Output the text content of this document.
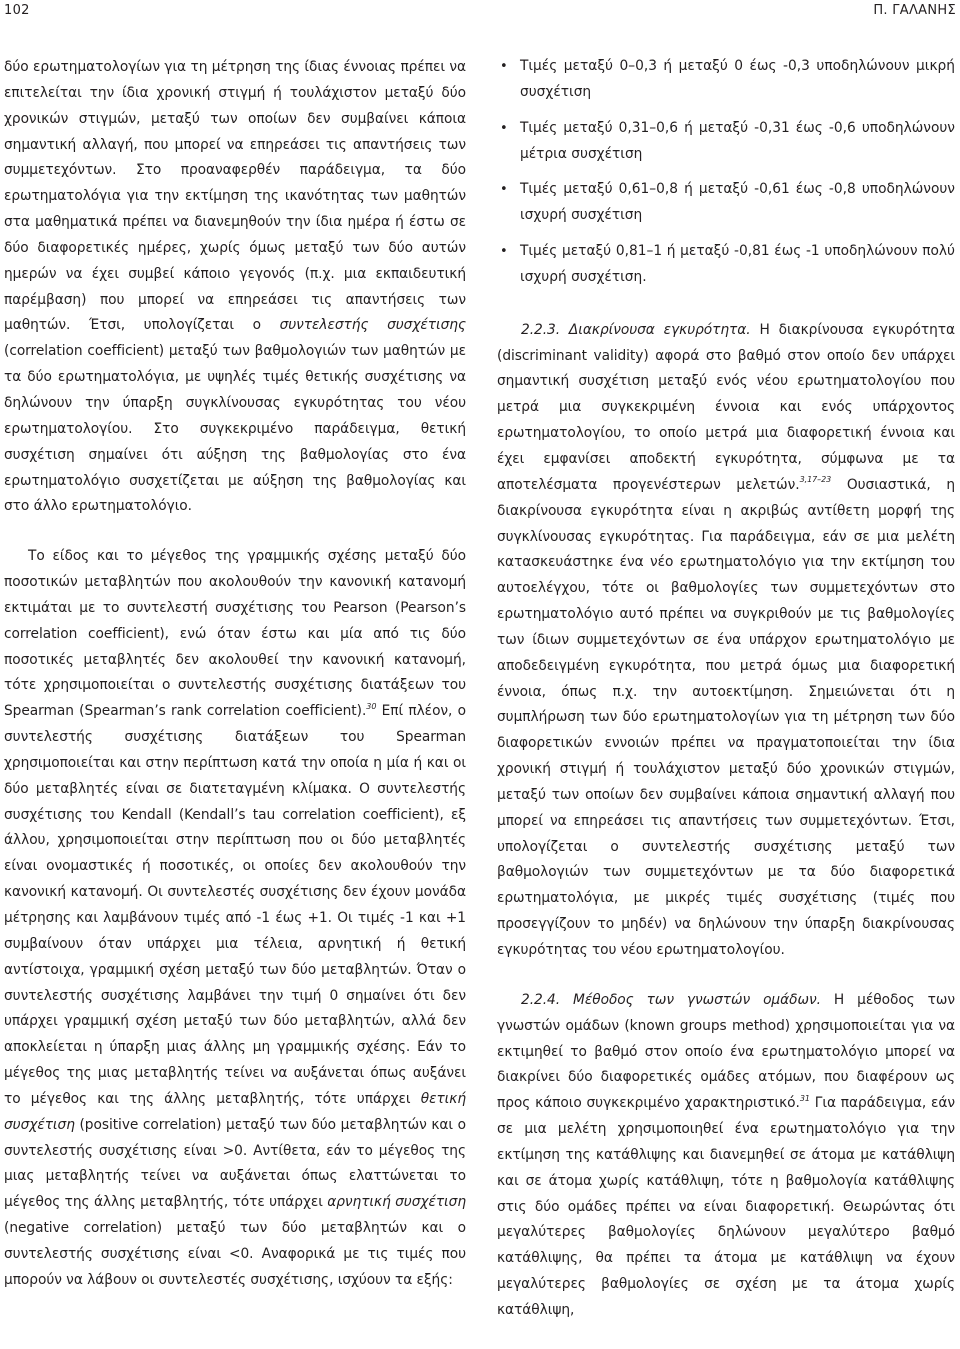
102	Π. ΓΑΛΑΝΗΣ

δύο ερωτηματολογίων για τη μέτρηση της ίδιας έννοιας πρέπει να επιτελείται την ίδια χρονική στιγμή ή τουλάχιστον μεταξύ δύο χρονικών στιγμών, μεταξύ των οποίων δεν συμβαίνει κάποια σημαντική αλλαγή, που μπορεί να επηρεάσει τις απαντήσεις των συμμετεχόντων. Στο προαναφερθέν παράδειγμα, τα δύο ερωτηματολόγια για την εκτίμηση της ικανότητας των μαθητών στα μαθηματικά πρέπει να διανεμηθούν την ίδια ημέρα ή έστω σε δύο διαφορετικές ημέρες, χωρίς όμως μεταξύ των δύο αυτών ημερών να έχει συμβεί κάποιο γεγονός (π.χ. μια εκπαιδευτική παρέμβαση) που μπορεί να επηρεάσει τις απαντήσεις των μαθητών. Έτσι, υπολογίζεται ο συντελεστής συσχέτισης (correlation coefficient) μεταξύ των βαθμολογιών των μαθητών με τα δύο ερωτηματολόγια, με υψηλές τιμές θετικής συσχέτισης να δηλώνουν την ύπαρξη συγκλίνουσας εγκυρότητας του νέου ερωτηματολογίου. Στο συγκεκριμένο παράδειγμα, θετική συσχέτιση σημαίνει ότι αύξηση της βαθμολογίας στο ένα ερωτηματολόγιο συσχετίζεται με αύξηση της βαθμολογίας και στο άλλο ερωτηματολόγιο.

Το είδος και το μέγεθος της γραμμικής σχέσης μεταξύ δύο ποσοτικών μεταβλητών που ακολουθούν την κανονική κατανομή εκτιμάται με το συντελεστή συσχέτισης του Pearson (Pearson’s correlation coefficient), ενώ όταν έστω και μία από τις δύο ποσοτικές μεταβλητές δεν ακολουθεί την κανονική κατανομή, τότε χρησιμοποιείται ο συντελεστής συσχέτισης διατάξεων του Spearman (Spearman’s rank correlation coefficient).$^{30}$ Επί πλέον, ο συντελεστής συσχέτισης διατάξεων του Spearman χρησιμοποιείται και στην περίπτωση κατά την οποία η μία ή και οι δύο μεταβλητές είναι σε διατεταγμένη κλίμακα. Ο συντελεστής συσχέτισης του Kendall (Kendall’s tau correlation coefficient), εξ άλλου, χρησιμοποιείται στην περίπτωση που οι δύο μεταβλητές είναι ονομαστικές ή ποσοτικές, οι οποίες δεν ακολουθούν την κανονική κατανομή. Οι συντελεστές συσχέτισης δεν έχουν μονάδα μέτρησης και λαμβάνουν τιμές από -1 έως +1. Οι τιμές -1 και +1 συμβαίνουν όταν υπάρχει μια τέλεια, αρνητική ή θετική αντίστοιχα, γραμμική σχέση μεταξύ των δύο μεταβλητών. Όταν ο συντελεστής συσχέτισης λαμβάνει την τιμή 0 σημαίνει ότι δεν υπάρχει γραμμική σχέση μεταξύ των δύο μεταβλητών, αλλά δεν αποκλείεται η ύπαρξη μιας άλλης μη γραμμικής σχέσης. Εάν το μέγεθος της μιας μεταβλητής τείνει να αυξάνεται όπως αυξάνει το μέγεθος και της άλλης μεταβλητής, τότε υπάρχει θετική συσχέτιση (positive correlation) μεταξύ των δύο μεταβλητών και ο συντελεστής συσχέτισης είναι >0. Αντίθετα, εάν το μέγεθος της μιας μεταβλητής τείνει να αυξάνεται όπως ελαττώνεται το μέγεθος της άλλης μεταβλητής, τότε υπάρχει αρνητική συσχέτιση (negative correlation) μεταξύ των δύο μεταβλητών και ο συντελεστής συσχέτισης είναι <0. Αναφορικά με τις τιμές που μπορούν να λάβουν οι συντελεστές συσχέτισης, ισχύουν τα εξής:

• Τιμές μεταξύ 0–0,3 ή μεταξύ 0 έως -0,3 υποδηλώνουν μικρή συσχέτιση
• Τιμές μεταξύ 0,31–0,6 ή μεταξύ -0,31 έως -0,6 υποδηλώνουν μέτρια συσχέτιση
• Τιμές μεταξύ 0,61–0,8 ή μεταξύ -0,61 έως -0,8 υποδηλώνουν ισχυρή συσχέτιση
• Τιμές μεταξύ 0,81–1 ή μεταξύ -0,81 έως -1 υποδηλώνουν πολύ ισχυρή συσχέτιση.

2.2.3. Διακρίνουσα εγκυρότητα. Η διακρίνουσα εγκυρότητα (discriminant validity) αφορά στο βαθμό στον οποίο δεν υπάρχει σημαντική συσχέτιση μεταξύ ενός νέου ερωτηματολογίου που μετρά μια συγκεκριμένη έννοια και ενός υπάρχοντος ερωτηματολογίου, το οποίο μετρά μια διαφορετική έννοια και έχει εμφανίσει αποδεκτή εγκυρότητα, σύμφωνα με τα αποτελέσματα προγενέστερων μελετών.$^{3,17-23}$ Ουσιαστικά, η διακρίνουσα εγκυρότητα είναι η ακριβώς αντίθετη μορφή της συγκλίνουσας εγκυρότητας. Για παράδειγμα, εάν σε μια μελέτη κατασκευάστηκε ένα νέο ερωτηματολόγιο για την εκτίμηση του αυτοελέγχου, τότε οι βαθμολογίες των συμμετεχόντων στο ερωτηματολόγιο αυτό πρέπει να συγκριθούν με τις βαθμολογίες των ίδιων συμμετεχόντων σε ένα υπάρχον ερωτηματολόγιο με αποδεδειγμένη εγκυρότητα, που μετρά όμως μια διαφορετική έννοια, όπως π.χ. την αυτοεκτίμηση. Σημειώνεται ότι η συμπλήρωση των δύο ερωτηματολογίων για τη μέτρηση των δύο διαφορετικών εννοιών πρέπει να πραγματοποιείται την ίδια χρονική στιγμή ή τουλάχιστον μεταξύ δύο χρονικών στιγμών, μεταξύ των οποίων δεν συμβαίνει κάποια σημαντική αλλαγή που μπορεί να επηρεάσει τις απαντήσεις των συμμετεχόντων. Έτσι, υπολογίζεται ο συντελεστής συσχέτισης μεταξύ των βαθμολογιών των συμμετεχόντων με τα δύο διαφορετικά ερωτηματολόγια, με μικρές τιμές συσχέτισης (τιμές που προσεγγίζουν το μηδέν) να δηλώνουν την ύπαρξη διακρίνουσας εγκυρότητας του νέου ερωτηματολογίου.

2.2.4. Μέθοδος των γνωστών ομάδων. Η μέθοδος των γνωστών ομάδων (known groups method) χρησιμοποιείται για να εκτιμηθεί το βαθμό στον οποίο ένα ερωτηματολόγιο μπορεί να διακρίνει δύο διαφορετικές ομάδες ατόμων, που διαφέρουν ως προς κάποιο συγκεκριμένο χαρακτηριστικό.$^{31}$ Για παράδειγμα, εάν σε μια μελέτη χρησιμοποιηθεί ένα ερωτηματολόγιο για την εκτίμηση της κατάθλιψης και διανεμηθεί σε άτομα με κατάθλιψη και σε άτομα χωρίς κατάθλιψη, τότε η βαθμολογία κατάθλιψης στις δύο ομάδες πρέπει να είναι διαφορετική. Θεωρώντας ότι μεγαλύτερες βαθμολογίες δηλώνουν μεγαλύτερο βαθμό κατάθλιψης, θα πρέπει τα άτομα με κατάθλιψη να έχουν μεγαλύτερες βαθμολογίες σε σχέση με τα άτομα χωρίς κατάθλιψη,
